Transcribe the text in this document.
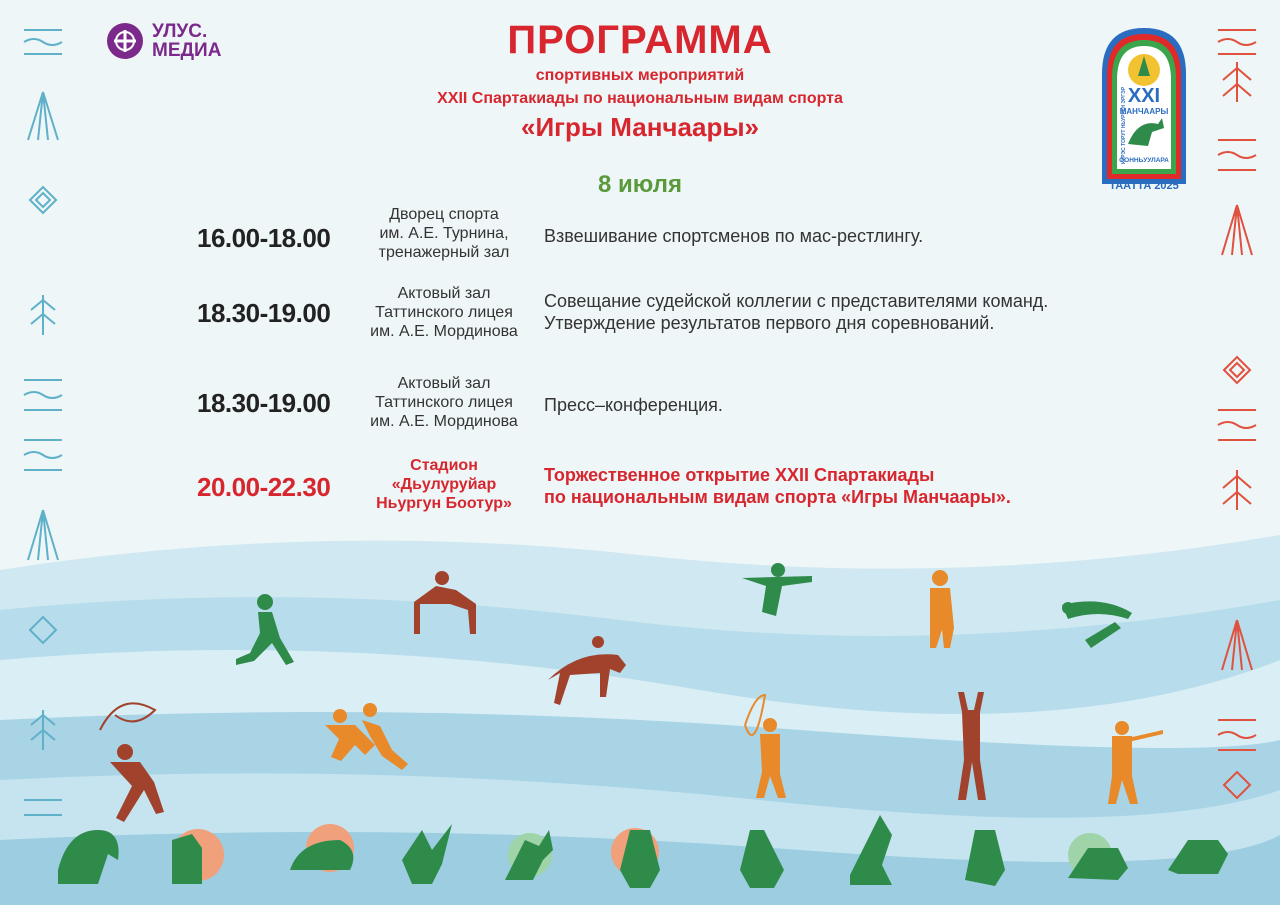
УЛУС.
MEДИА	ПРОГРАММА
спортивных мероприятий
XXII Спартакиады по национальным видам спорта
«Игры Манчаары»
8 июля
16.00-18.00
Дворец спорта
им. А.Е. Турнина,
тренажерный зал
Взвешивание спортсменов по мас-рестлингу.
18.30-19.00
Актовый зал
Таттинского лицея
им. А.Е. Мординова
Совещание судейской коллегии с представителями команд.
Утверждение результатов первого дня соревнований.
18.30-19.00
Актовый зал
Таттинского лицея
им. А.Е. Мординова
Пресс–конференция.
20.00-22.30
Стадион
«Дьулуруйар
Ньургун Боотур»
Торжественное открытие XXII Спартакиады
по национальным видам спорта «Игры Манчаары».
XXI
МАНЧААРЫ
ООННЬУУЛАРА
ТААТТА 2025
КУРЭС ТОРУТ НЬУРГУН ЭРГЭР
